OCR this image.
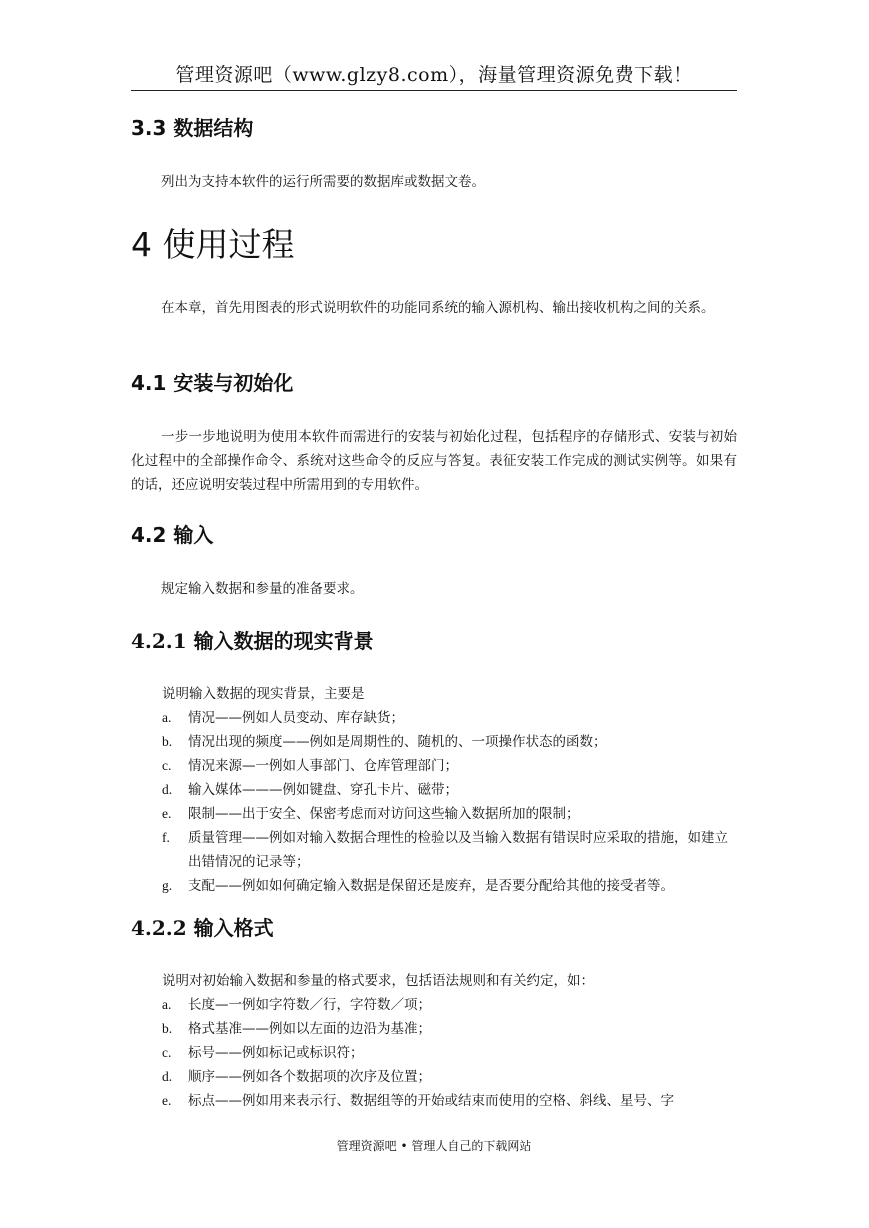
管理资源吧（www.glzy8.com），海量管理资源免费下载！
3.3 数据结构
列出为支持本软件的运行所需要的数据库或数据文卷。
4 使用过程
在本章，首先用图表的形式说明软件的功能同系统的输入源机构、输出接收机构之间的关系。
4.1 安装与初始化
一步一步地说明为使用本软件而需进行的安装与初始化过程，包括程序的存储形式、安装与初始化过程中的全部操作命令、系统对这些命令的反应与答复。表征安装工作完成的测试实例等。如果有的话，还应说明安装过程中所需用到的专用软件。
4.2 输入
规定输入数据和参量的准备要求。
4.2.1 输入数据的现实背景
说明输入数据的现实背景，主要是
a. 情况——例如人员变动、库存缺货；
b. 情况出现的频度——例如是周期性的、随机的、一项操作状态的函数；
c. 情况来源—一例如人事部门、仓库管理部门；
d. 输入媒体———例如键盘、穿孔卡片、磁带；
e. 限制——出于安全、保密考虑而对访问这些输入数据所加的限制；
f. 质量管理——例如对输入数据合理性的检验以及当输入数据有错误时应采取的措施，如建立出错情况的记录等；
g. 支配——例如如何确定输入数据是保留还是废弃，是否要分配给其他的接受者等。
4.2.2 输入格式
说明对初始输入数据和参量的格式要求，包括语法规则和有关约定，如：
a. 长度—一例如字符数／行，字符数／项；
b. 格式基准——例如以左面的边沿为基准；
c. 标号——例如标记或标识符；
d. 顺序——例如各个数据项的次序及位置；
e. 标点——例如用来表示行、数据组等的开始或结束而使用的空格、斜线、星号、字
管理资源吧 • 管理人自己的下载网站
